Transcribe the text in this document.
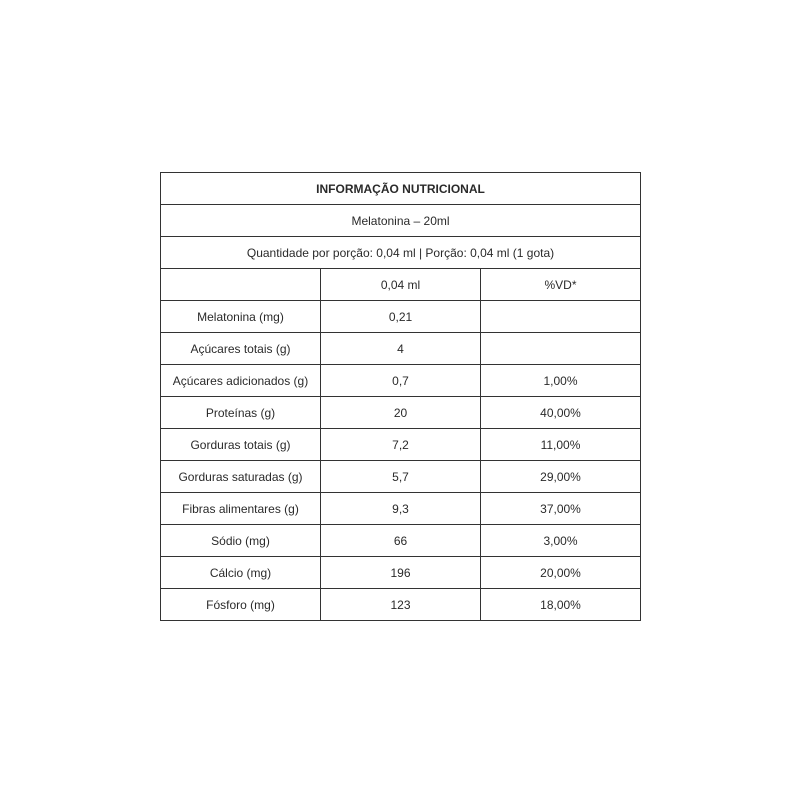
INFORMAÇÃO NUTRICIONAL		
Melatonina – 20ml		
Quantidade por porção: 0,04 ml | Porção: 0,04 ml (1 gota)		
	0,04 ml	%VD*
Melatonina (mg)	0,21	
Açúcares totais (g)	4	
Açúcares adicionados (g)	0,7	1,00%
Proteínas (g)	20	40,00%
Gorduras totais (g)	7,2	11,00%
Gorduras saturadas (g)	5,7	29,00%
Fibras alimentares (g)	9,3	37,00%
Sódio (mg)	66	3,00%
Cálcio (mg)	196	20,00%
Fósforo (mg)	123	18,00%
